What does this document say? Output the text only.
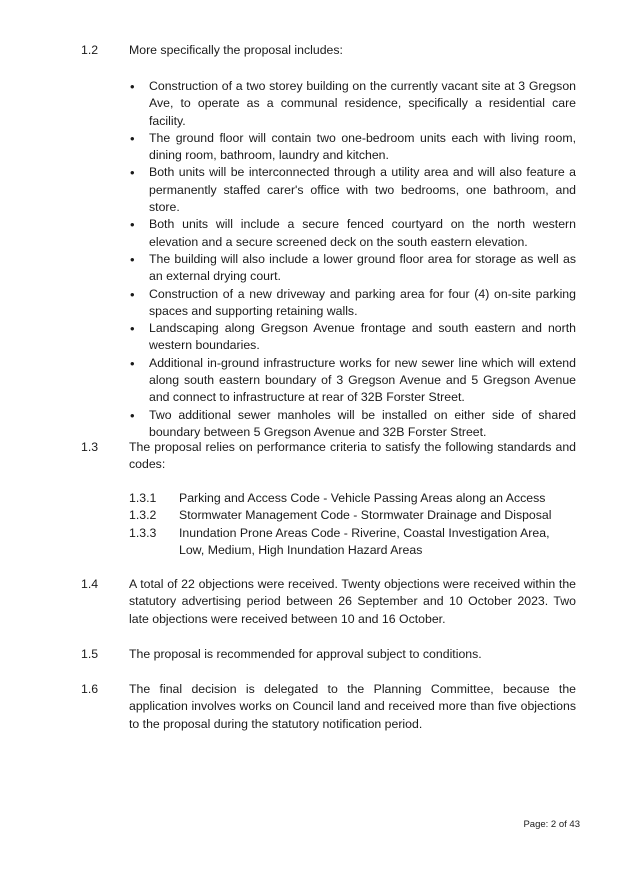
1.2	More specifically the proposal includes:
• Construction of a two storey building on the currently vacant site at 3 Gregson Ave, to operate as a communal residence, specifically a residential care facility.
• The ground floor will contain two one-bedroom units each with living room, dining room, bathroom, laundry and kitchen.
• Both units will be interconnected through a utility area and will also feature a permanently staffed carer's office with two bedrooms, one bathroom, and store.
• Both units will include a secure fenced courtyard on the north western elevation and a secure screened deck on the south eastern elevation.
• The building will also include a lower ground floor area for storage as well as an external drying court.
• Construction of a new driveway and parking area for four (4) on-site parking spaces and supporting retaining walls.
• Landscaping along Gregson Avenue frontage and south eastern and north western boundaries.
• Additional in-ground infrastructure works for new sewer line which will extend along south eastern boundary of 3 Gregson Avenue and 5 Gregson Avenue and connect to infrastructure at rear of 32B Forster Street.
• Two additional sewer manholes will be installed on either side of shared boundary between 5 Gregson Avenue and 32B Forster Street.
1.3	The proposal relies on performance criteria to satisfy the following standards and codes:
1.3.1	Parking and Access Code - Vehicle Passing Areas along an Access
1.3.2	Stormwater Management Code - Stormwater Drainage and Disposal
1.3.3	Inundation Prone Areas Code - Riverine, Coastal Investigation Area, Low, Medium, High Inundation Hazard Areas
1.4	A total of 22 objections were received. Twenty objections were received within the statutory advertising period between 26 September and 10 October 2023. Two late objections were received between 10 and 16 October.
1.5	The proposal is recommended for approval subject to conditions.
1.6	The final decision is delegated to the Planning Committee, because the application involves works on Council land and received more than five objections to the proposal during the statutory notification period.
Page: 2 of 43
